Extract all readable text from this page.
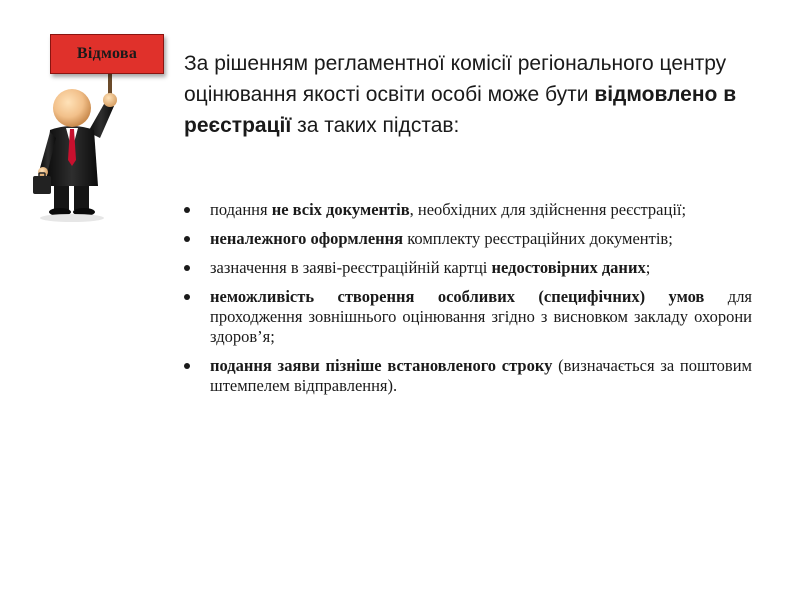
Відмова За рішенням регламентної комісії регіонального центру оцінювання якості освіти особі може бути відмовлено в реєстрації за таких підстав:
подання не всіх документів, необхідних для здійснення реєстрації;
неналежного оформлення комплекту реєстраційних документів;
зазначення в заяві-реєстраційній картці недостовірних даних;
неможливість створення особливих (специфічних) умов для проходження зовнішнього оцінювання згідно з висновком закладу охорони здоров’я;
подання заяви пізніше встановленого строку (визначається за поштовим штемпелем відправлення).
